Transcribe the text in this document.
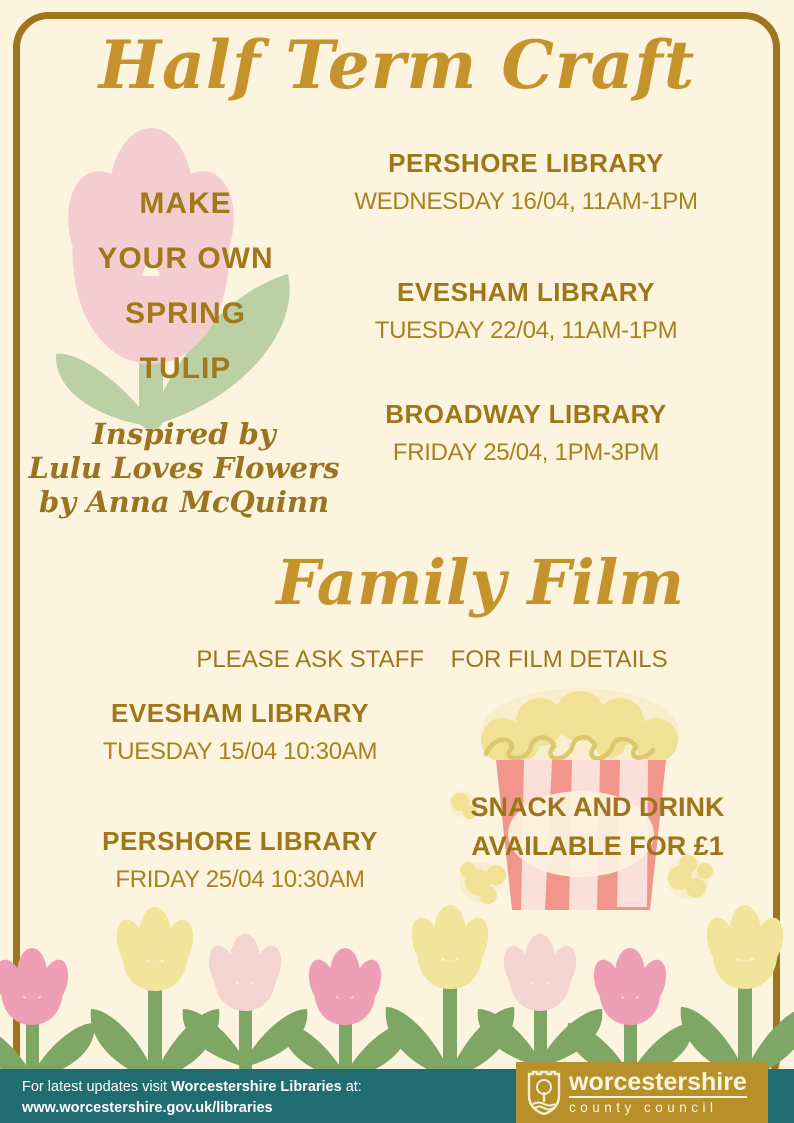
Half Term Craft
MAKE
YOUR OWN
SPRING
TULIP
Inspired by
Lulu Loves Flowers
by Anna McQuinn
PERSHORE LIBRARY
WEDNESDAY 16/04, 11AM-1PM
EVESHAM LIBRARY
TUESDAY 22/04, 11AM-1PM
BROADWAY LIBRARY
FRIDAY 25/04, 1PM-3PM
Family Film
PLEASE ASK STAFF    FOR FILM DETAILS
EVESHAM LIBRARY
TUESDAY 15/04 10:30AM
PERSHORE LIBRARY
FRIDAY 25/04 10:30AM
SNACK AND DRINK
AVAILABLE FOR £1
For latest updates visit Worcestershire Libraries at:
www.worcestershire.gov.uk/libraries
worcestershire
county council
